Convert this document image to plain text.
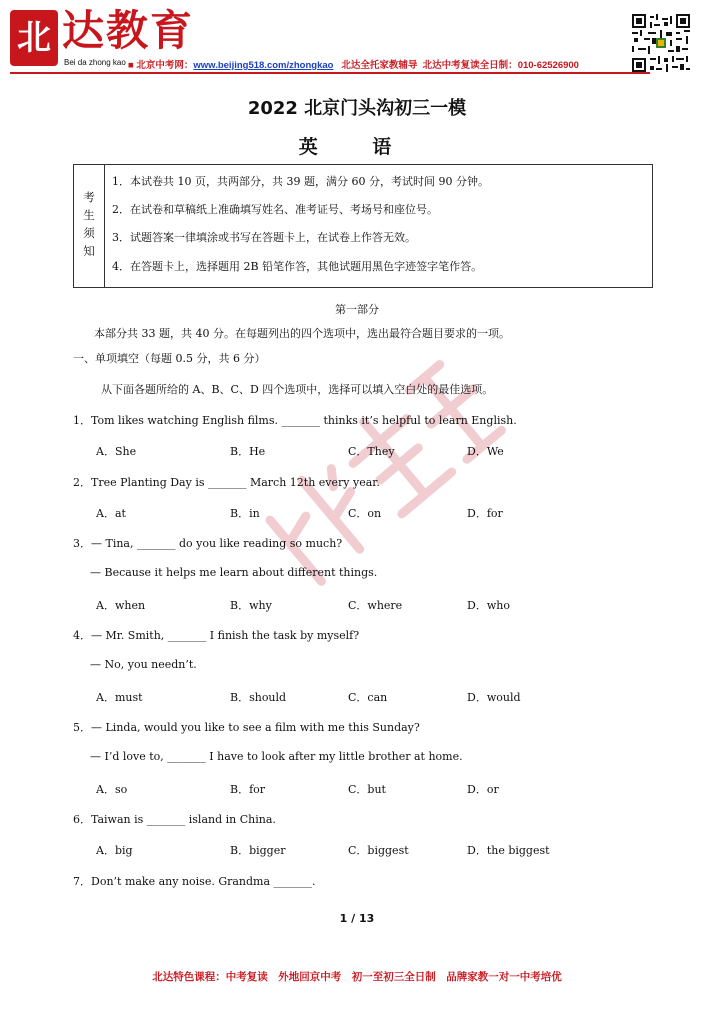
北 达教育
Bei da zhong kao ■ 北京中考网：www.beijing518.com/zhongkao 北达全托家教辅导 北达中考复读全日制：010-62526900
2022 北京门头沟初三一模
英 语
考
生
须
知
1．本试卷共 10 页，共两部分，共 39 题，满分 60 分，考试时间 90 分钟。
2．在试卷和草稿纸上准确填写姓名、准考证号、考场号和座位号。
3．试题答案一律填涂或书写在答题卡上，在试卷上作答无效。
4．在答题卡上，选择题用 2B 铅笔作答，其他试题用黑色字迹签字笔作答。
第一部分
本部分共 33 题，共 40 分。在每题列出的四个选项中，选出最符合题目要求的一项。
一、单项填空（每题 0.5 分，共 6 分）
从下面各题所给的 A、B、C、D 四个选项中，选择可以填入空白处的最佳选项。
1．Tom likes watching English films. _______ thinks it’s helpful to learn English.
A．She	B．He	C．They	D．We
2．Tree Planting Day is _______ March 12th every year.
A．at	B．in	C．on	D．for
3．— Tina, _______ do you like reading so much?
— Because it helps me learn about different things.
A．when	B．why	C．where	D．who
4．— Mr. Smith, _______ I finish the task by myself?
— No, you needn’t.
A．must	B．should	C．can	D．would
5．— Linda, would you like to see a film with me this Sunday?
— I’d love to, _______ I have to look after my little brother at home.
A．so	B．for	C．but	D．or
6．Taiwan is _______ island in China.
A．big	B．bigger	C．biggest	D．the biggest
7．Don’t make any noise. Grandma _______.
1 / 13
北达特色课程：中考复读　外地回京中考　初一至初三全日制　品牌家教一对一中考培优
